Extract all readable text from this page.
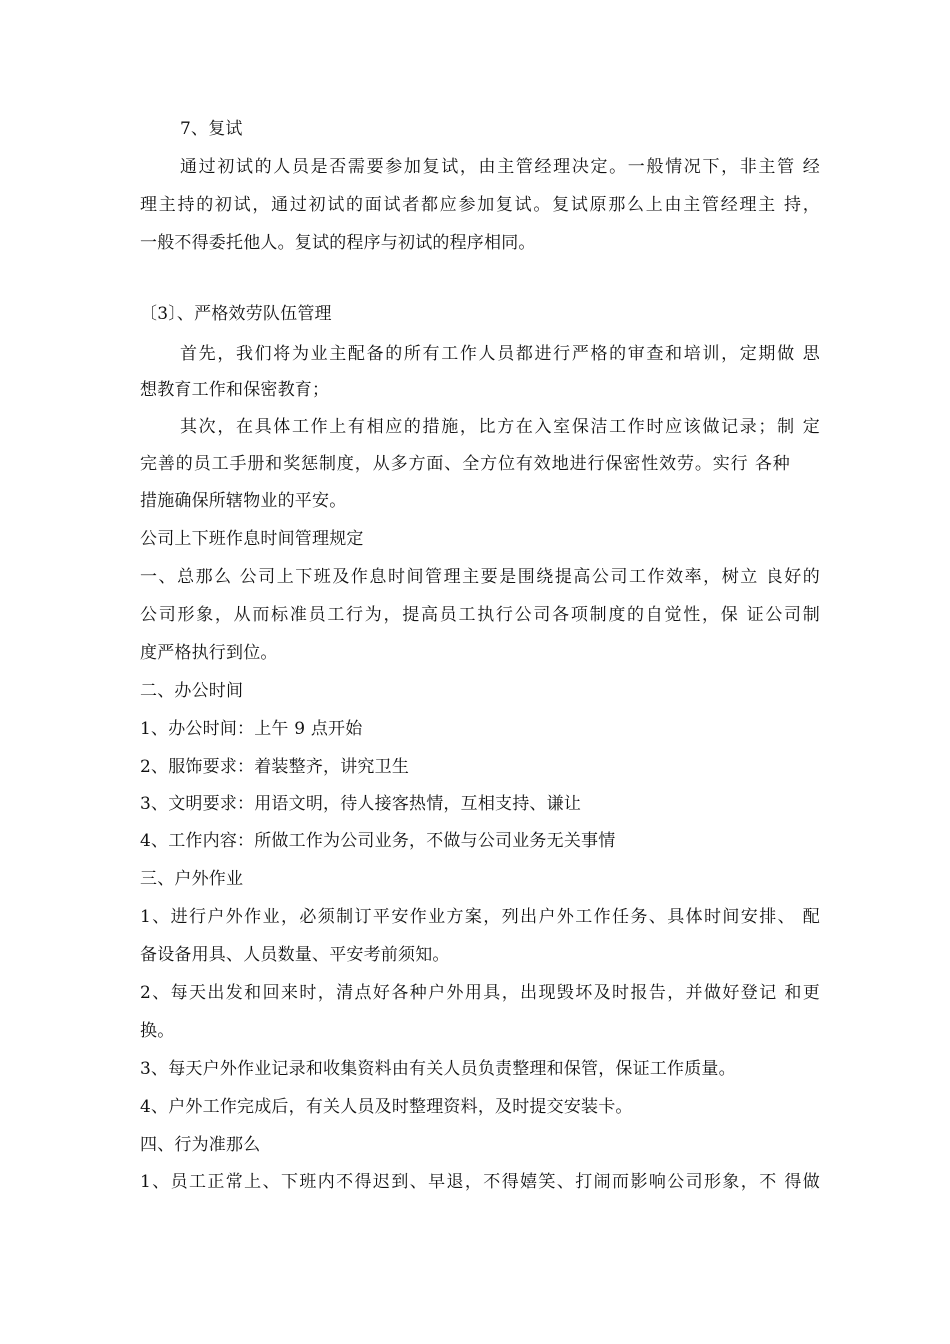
7、复试
通过初试的人员是否需要参加复试，由主管经理决定。一般情况下，非主管 经
理主持的初试，通过初试的面试者都应参加复试。复试原那么上由主管经理主 持，
一般不得委托他人。复试的程序与初试的程序相同。
〔3〕、严格效劳队伍管理
首先，我们将为业主配备的所有工作人员都进行严格的审查和培训，定期做 思
想教育工作和保密教育；
其次，在具体工作上有相应的措施，比方在入室保洁工作时应该做记录；制 定
完善的员工手册和奖惩制度，从多方面、全方位有效地进行保密性效劳。实行 各种
措施确保所辖物业的平安。
公司上下班作息时间管理规定
一、总那么 公司上下班及作息时间管理主要是围绕提高公司工作效率，树立 良好的
公司形象，从而标准员工行为，提高员工执行公司各项制度的自觉性，保 证公司制
度严格执行到位。
二、办公时间
1、办公时间：上午 9 点开始
2、服饰要求：着装整齐，讲究卫生
3、文明要求：用语文明，待人接客热情，互相支持、谦让
4、工作内容：所做工作为公司业务，不做与公司业务无关事情
三、户外作业
1、进行户外作业，必须制订平安作业方案，列出户外工作任务、具体时间安排、 配
备设备用具、人员数量、平安考前须知。
2、每天出发和回来时，清点好各种户外用具，出现毁坏及时报告，并做好登记 和更
换。
3、每天户外作业记录和收集资料由有关人员负责整理和保管，保证工作质量。
4、户外工作完成后，有关人员及时整理资料，及时提交安装卡。
四、行为准那么
1、员工正常上、下班内不得迟到、早退，不得嬉笑、打闹而影响公司形象，不 得做
